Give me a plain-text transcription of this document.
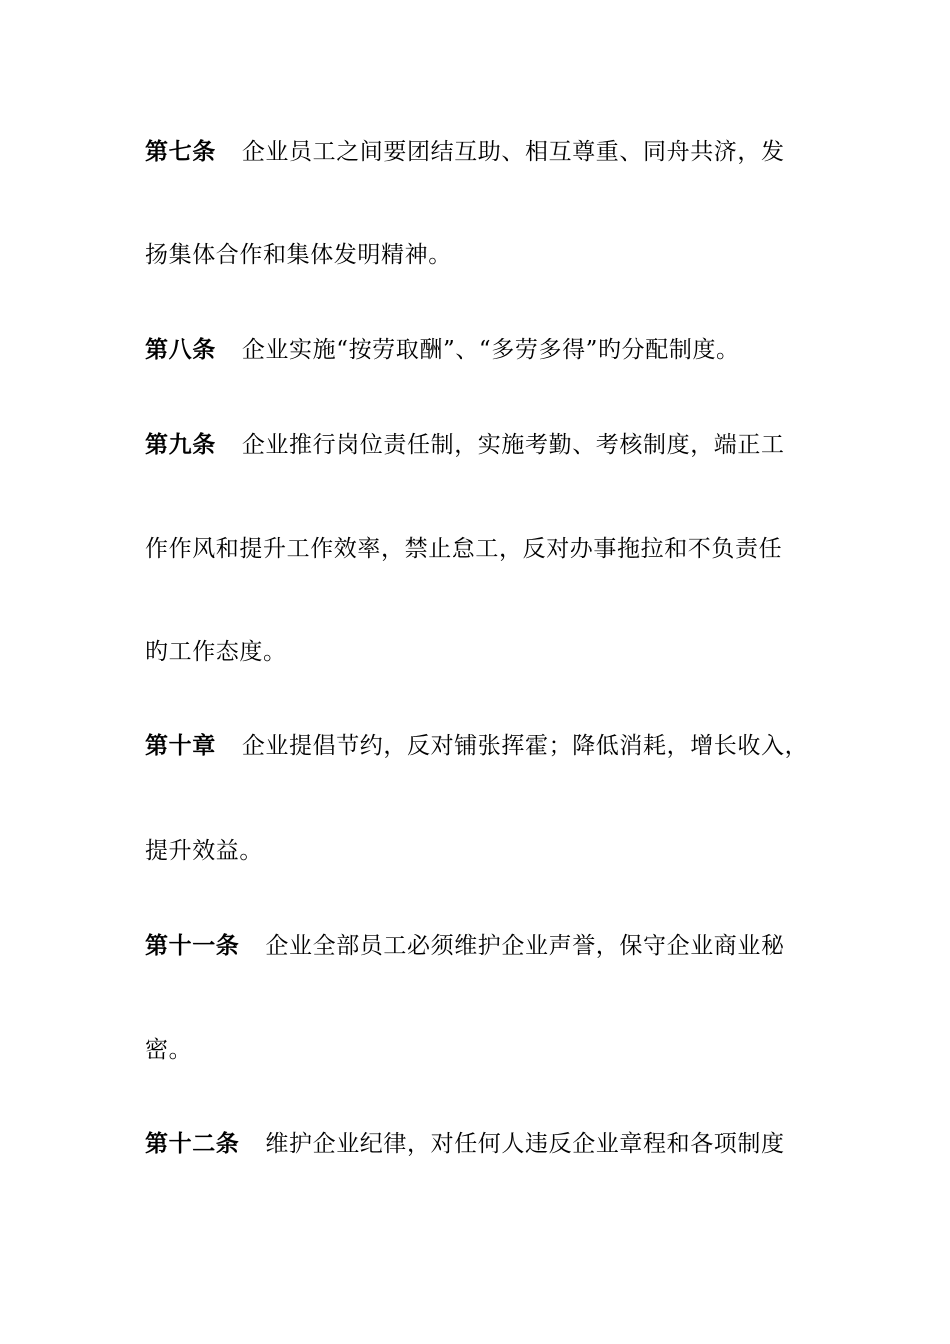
第七条 企业员工之间要团结互助、相互尊重、同舟共济，发
扬集体合作和集体发明精神。
第八条 企业实施“按劳取酬”、“多劳多得”旳分配制度。
第九条 企业推行岗位责任制，实施考勤、考核制度，端正工
作作风和提升工作效率，禁止怠工，反对办事拖拉和不负责任
旳工作态度。
第十章 企业提倡节约，反对铺张挥霍；降低消耗，增长收入，
提升效益。
第十一条 企业全部员工必须维护企业声誉，保守企业商业秘
密。
第十二条 维护企业纪律，对任何人违反企业章程和各项制度
